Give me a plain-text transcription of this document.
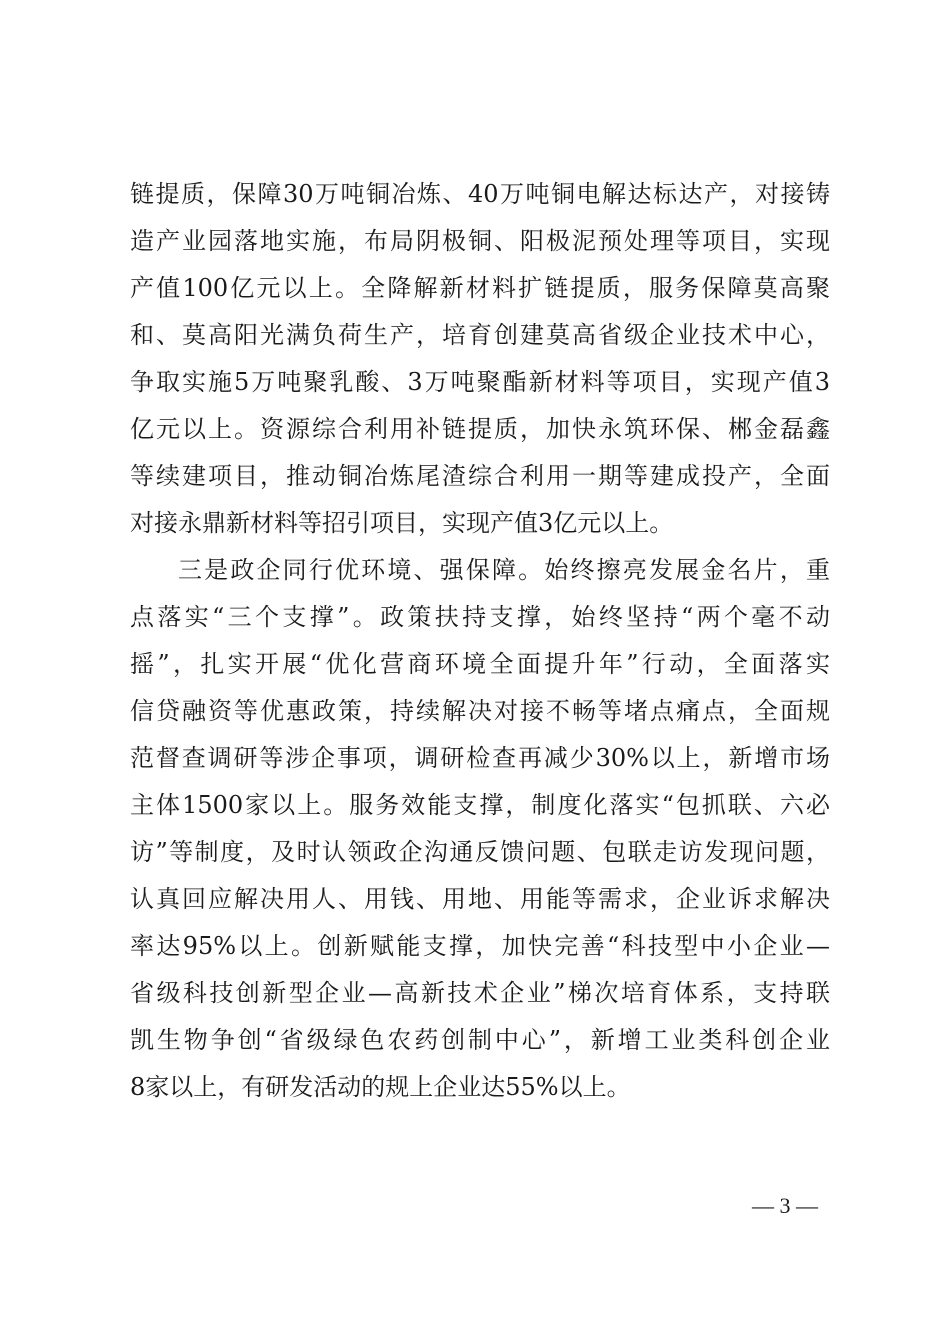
链提质，保障30万吨铜冶炼、40万吨铜电解达标达产，对接铸
造产业园落地实施，布局阴极铜、阳极泥预处理等项目，实现
产值100亿元以上。全降解新材料扩链提质，服务保障莫高聚
和、莫高阳光满负荷生产，培育创建莫高省级企业技术中心，
争取实施5万吨聚乳酸、3万吨聚酯新材料等项目，实现产值3
亿元以上。资源综合利用补链提质，加快永筑环保、郴金磊鑫
等续建项目，推动铜冶炼尾渣综合利用一期等建成投产，全面
对接永鼎新材料等招引项目，实现产值3亿元以上。
三是政企同行优环境、强保障。始终擦亮发展金名片，重
点落实“三个支撑”。政策扶持支撑，始终坚持“两个毫不动
摇”，扎实开展“优化营商环境全面提升年”行动，全面落实
信贷融资等优惠政策，持续解决对接不畅等堵点痛点，全面规
范督查调研等涉企事项，调研检查再减少30%以上，新增市场
主体1500家以上。服务效能支撑，制度化落实“包抓联、六必
访”等制度，及时认领政企沟通反馈问题、包联走访发现问题，
认真回应解决用人、用钱、用地、用能等需求，企业诉求解决
率达95%以上。创新赋能支撑，加快完善“科技型中小企业—
省级科技创新型企业—高新技术企业”梯次培育体系，支持联
凯生物争创“省级绿色农药创制中心”，新增工业类科创企业
8家以上，有研发活动的规上企业达55%以上。
— 3 —
